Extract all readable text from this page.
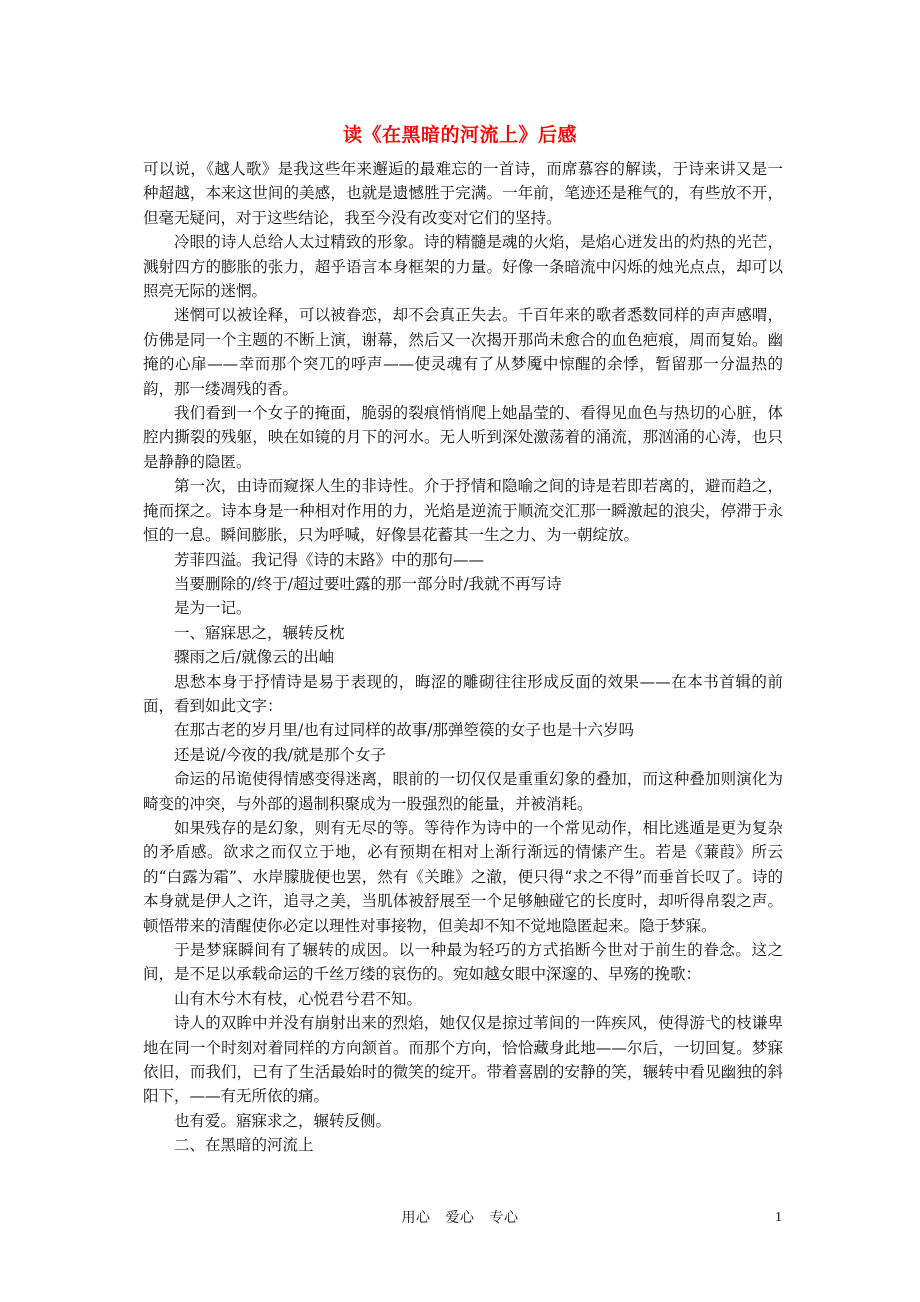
读《在黑暗的河流上》后感

可以说，《越人歌》是我这些年来邂逅的最难忘的一首诗，而席慕容的解读，于诗来讲又是一种超越，本来这世间的美感，也就是遗憾胜于完满。一年前，笔迹还是稚气的，有些放不开，但毫无疑问，对于这些结论，我至今没有改变对它们的坚持。

冷眼的诗人总给人太过精致的形象。诗的精髓是魂的火焰，是焰心迸发出的灼热的光芒，溅射四方的膨胀的张力，超乎语言本身框架的力量。好像一条暗流中闪烁的烛光点点，却可以照亮无际的迷惘。

迷惘可以被诠释，可以被眷恋，却不会真正失去。千百年来的歌者悉数同样的声声感喟，仿佛是同一个主题的不断上演，谢幕，然后又一次揭开那尚未愈合的血色疤痕，周而复始。幽掩的心扉——幸而那个突兀的呼声——使灵魂有了从梦魇中惊醒的余悸，暂留那一分温热的韵，那一缕凋残的香。

我们看到一个女子的掩面，脆弱的裂痕悄悄爬上她晶莹的、看得见血色与热切的心脏，体腔内撕裂的残躯，映在如镜的月下的河水。无人听到深处激荡着的涌流，那汹涌的心涛，也只是静静的隐匿。

第一次，由诗而窥探人生的非诗性。介于抒情和隐喻之间的诗是若即若离的，避而趋之，掩而探之。诗本身是一种相对作用的力，光焰是逆流于顺流交汇那一瞬激起的浪尖，停滞于永恒的一息。瞬间膨胀，只为呼喊，好像昙花蓄其一生之力、为一朝绽放。

芳菲四溢。我记得《诗的末路》中的那句——

当要删除的/终于/超过要吐露的那一部分时/我就不再写诗

是为一记。

一、寤寐思之，辗转反枕

骤雨之后/就像云的出岫

思愁本身于抒情诗是易于表现的，晦涩的雕砌往往形成反面的效果——在本书首辑的前面，看到如此文字：

在那古老的岁月里/也有过同样的故事/那弹箜篌的女子也是十六岁吗

还是说/今夜的我/就是那个女子

命运的吊诡使得情感变得迷离，眼前的一切仅仅是重重幻象的叠加，而这种叠加则演化为畸变的冲突，与外部的遏制积聚成为一股强烈的能量，并被消耗。

如果残存的是幻象，则有无尽的等。等待作为诗中的一个常见动作，相比逃遁是更为复杂的矛盾感。欲求之而仅立于地，必有预期在相对上渐行渐远的情愫产生。若是《蒹葭》所云的“白露为霜”、水岸朦胧便也罢，然有《关雎》之澈，便只得“求之不得”而垂首长叹了。诗的本身就是伊人之许，追寻之美，当肌体被舒展至一个足够触碰它的长度时，却听得帛裂之声。顿悟带来的清醒使你必定以理性对事接物，但美却不知不觉地隐匿起来。隐于梦寐。

于是梦寐瞬间有了辗转的成因。以一种最为轻巧的方式掐断今世对于前生的眷念。这之间，是不足以承载命运的千丝万缕的哀伤的。宛如越女眼中深邃的、早殇的挽歌：

山有木兮木有枝，心悦君兮君不知。

诗人的双眸中并没有崩射出来的烈焰，她仅仅是掠过苇间的一阵疾风，使得游弋的枝谦卑地在同一个时刻对着同样的方向颔首。而那个方向，恰恰藏身此地——尔后，一切回复。梦寐依旧，而我们，已有了生活最始时的微笑的绽开。带着喜剧的安静的笑，辗转中看见幽独的斜阳下，——有无所依的痛。

也有爱。寤寐求之，辗转反侧。

二、在黑暗的河流上

用心 爱心 专心	1
